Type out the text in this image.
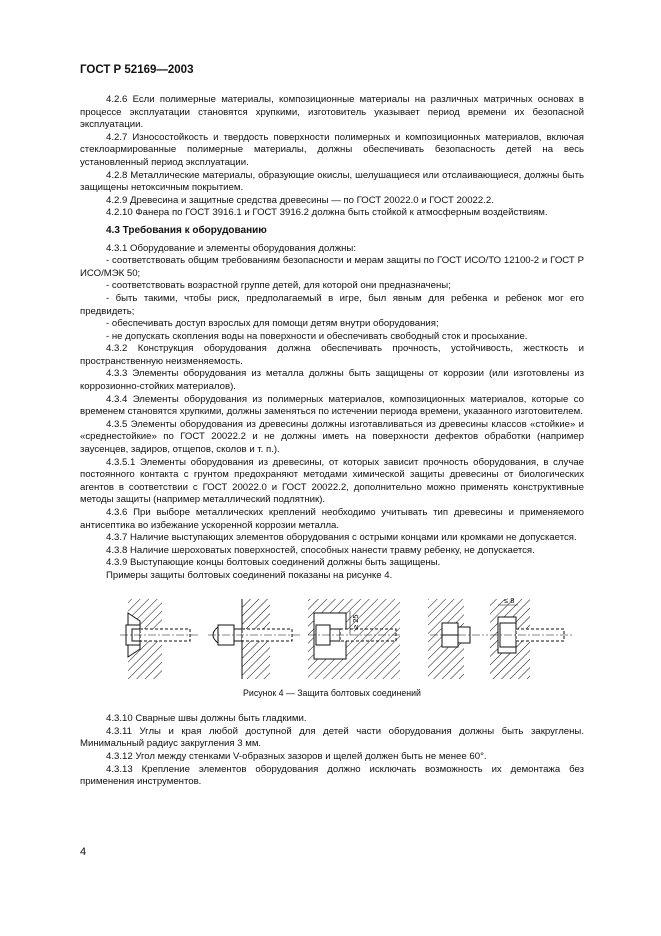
ГОСТ Р 52169—2003

4.2.6 Если полимерные материалы, композиционные материалы на различных матричных основах в процессе эксплуатации становятся хрупкими, изготовитель указывает период времени их безопасной эксплуатации.

4.2.7 Износостойкость и твердость поверхности полимерных и композиционных материалов, включая стеклоармированные полимерные материалы, должны обеспечивать безопасность детей на весь установленный период эксплуатации.

4.2.8 Металлические материалы, образующие окислы, шелушащиеся или отслаивающиеся, должны быть защищены нетоксичным покрытием.

4.2.9 Древесина и защитные средства древесины — по ГОСТ 20022.0 и ГОСТ 20022.2.

4.2.10 Фанера по ГОСТ 3916.1 и ГОСТ 3916.2 должна быть стойкой к атмосферным воздействиям.

4.3 Требования к оборудованию

4.3.1 Оборудование и элементы оборудования должны:

- соответствовать общим требованиям безопасности и мерам защиты по ГОСТ ИСО/ТО 12100-2 и ГОСТ Р ИСО/МЭК 50;

- соответствовать возрастной группе детей, для которой они предназначены;

- быть такими, чтобы риск, предполагаемый в игре, был явным для ребенка и ребенок мог его предвидеть;

- обеспечивать доступ взрослых для помощи детям внутри оборудования;

- не допускать скопления воды на поверхности и обеспечивать свободный сток и просыхание.

4.3.2 Конструкция оборудования должна обеспечивать прочность, устойчивость, жесткость и пространственную неизменяемость.

4.3.3 Элементы оборудования из металла должны быть защищены от коррозии (или изготовлены из коррозионно-стойких материалов).

4.3.4 Элементы оборудования из полимерных материалов, композиционных материалов, которые со временем становятся хрупкими, должны заменяться по истечении периода времени, указанного изготовителем.

4.3.5 Элементы оборудования из древесины должны изготавливаться из древесины классов «стойкие» и «среднестойкие» по ГОСТ 20022.2 и не должны иметь на поверхности дефектов обработки (например заусенцев, задиров, отщепов, сколов и т. п.).

4.3.5.1 Элементы оборудования из древесины, от которых зависит прочность оборудования, в случае постоянного контакта с грунтом предохраняют методами химической защиты древесины от биологических агентов в соответствии с ГОСТ 20022.0 и ГОСТ 20022.2, дополнительно можно применять конструктивные методы защиты (например металлический подлятник).

4.3.6 При выборе металлических креплений необходимо учитывать тип древесины и применяемого антисептика во избежание ускоренной коррозии металла.

4.3.7 Наличие выступающих элементов оборудования с острыми концами или кромками не допускается.

4.3.8 Наличие шероховатых поверхностей, способных нанести травму ребенку, не допускается.

4.3.9 Выступающие концы болтовых соединений должны быть защищены.

Примеры защиты болтовых соединений показаны на рисунке 4.

≥ 25
≤ 8
Рисунок 4 — Защита болтовых соединений

4.3.10 Сварные швы должны быть гладкими.

4.3.11 Углы и края любой доступной для детей части оборудования должны быть закруглены. Минимальный радиус закругления 3 мм.

4.3.12 Угол между стенками V-образных зазоров и щелей должен быть не менее 60°.

4.3.13 Крепление элементов оборудования должно исключать возможность их демонтажа без применения инструментов.

4
